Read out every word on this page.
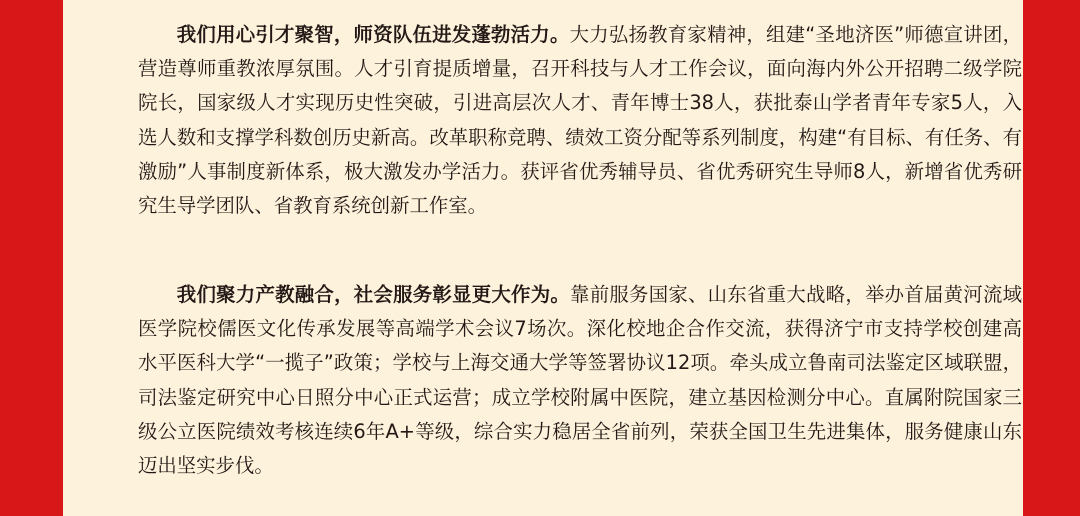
我们用心引才聚智，师资队伍进发蓬勃活力。大力弘扬教育家精神，组建“圣地济医”师德宣讲团，营造尊师重教浓厚氛围。人才引育提质增量，召开科技与人才工作会议，面向海内外公开招聘二级学院院长，国家级人才实现历史性突破，引进高层次人才、青年博士38人，获批泰山学者青年专家5人，入选人数和支撑学科数创历史新高。改革职称竞聘、绩效工资分配等系列制度，构建“有目标、有任务、有激励”人事制度新体系，极大激发办学活力。获评省优秀辅导员、省优秀研究生导师8人，新增省优秀研究生导学团队、省教育系统创新工作室。

我们聚力产教融合，社会服务彰显更大作为。靠前服务国家、山东省重大战略，举办首届黄河流域医学院校儒医文化传承发展等高端学术会议7场次。深化校地企合作交流，获得济宁市支持学校创建高水平医科大学“一揽子”政策；学校与上海交通大学等签署协议12项。牵头成立鲁南司法鉴定区域联盟，司法鉴定研究中心日照分中心正式运营；成立学校附属中医院，建立基因检测分中心。直属附院国家三级公立医院绩效考核连续6年A+等级，综合实力稳居全省前列，荣获全国卫生先进集体，服务健康山东迈出坚实步伐。
